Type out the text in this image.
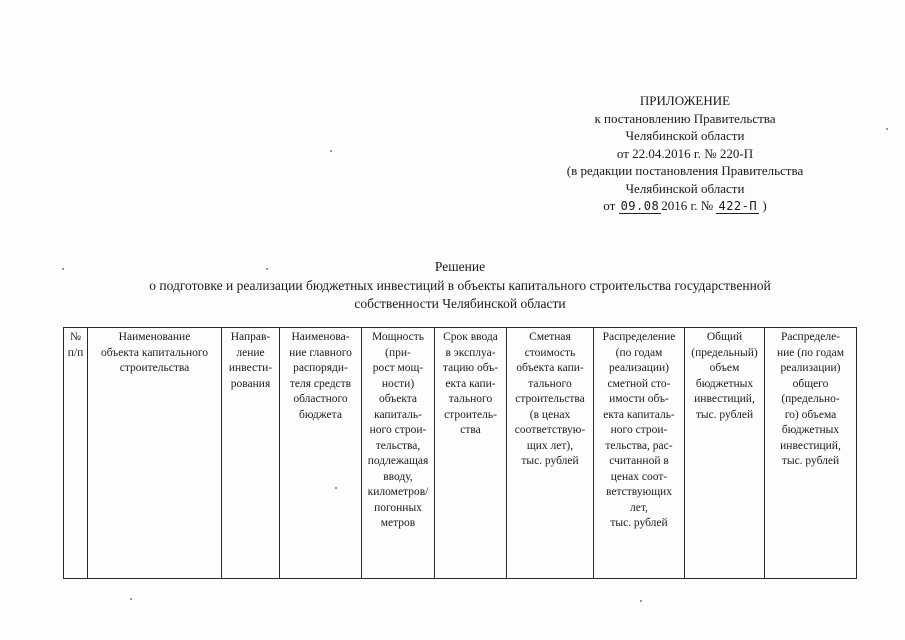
ПРИЛОЖЕНИЕ
к постановлению Правительства
Челябинской области
от 22.04.2016 г. № 220-П
(в редакции постановления Правительства
Челябинской области
от 09.08 2016 г. № 422-П )
Решение
о подготовке и реализации бюджетных инвестиций в объекты капитального строительства государственной
собственности Челябинской области
№
п/п

Наименование
объекта капитального
строительства

Направ-
ление
инвести-
рования

Наименова-
ние главного
распоряди-
теля средств
областного
бюджета

Мощность
(при-
рост мощ-
ности)
объекта
капиталь-
ного строи-
тельства,
подлежащая
вводу,
километров/
погонных
метров

Срок ввода
в эксплуа-
тацию объ-
екта капи-
тального
строитель-
ства

Сметная
стоимость
объекта капи-
тального
строительства
(в ценах
соответствую-
щих лет),
тыс. рублей

Распределение
(по годам
реализации)
сметной сто-
имости объ-
екта капиталь-
ного строи-
тельства, рас-
считанной в
ценах соот-
ветствующих
лет,
тыс. рублей

Общий
(предельный)
объем
бюджетных
инвестиций,
тыс. рублей

Распределе-
ние (по годам
реализации)
общего
(предельно-
го) объема
бюджетных
инвестиций,
тыс. рублей
